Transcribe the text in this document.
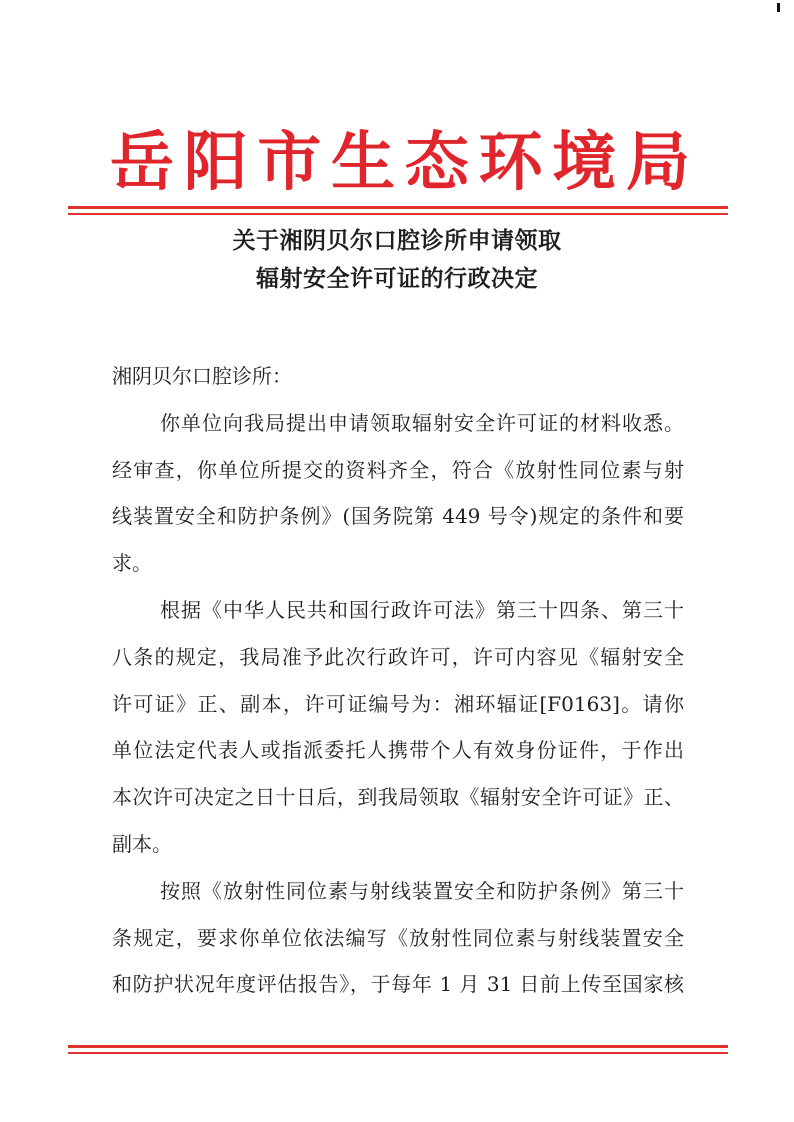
岳阳市生态环境局
关于湘阴贝尔口腔诊所申请领取
辐射安全许可证的行政决定
湘阴贝尔口腔诊所：
你单位向我局提出申请领取辐射安全许可证的材料收悉。
经审查，你单位所提交的资料齐全，符合《放射性同位素与射
线装置安全和防护条例》(国务院第 449 号令)规定的条件和要
求。
根据《中华人民共和国行政许可法》第三十四条、第三十
八条的规定，我局准予此次行政许可，许可内容见《辐射安全
许可证》正、副本，许可证编号为：湘环辐证[F0163]。请你
单位法定代表人或指派委托人携带个人有效身份证件，于作出
本次许可决定之日十日后，到我局领取《辐射安全许可证》正、
副本。
按照《放射性同位素与射线装置安全和防护条例》第三十
条规定，要求你单位依法编写《放射性同位素与射线装置安全
和防护状况年度评估报告》，于每年 1 月 31 日前上传至国家核
